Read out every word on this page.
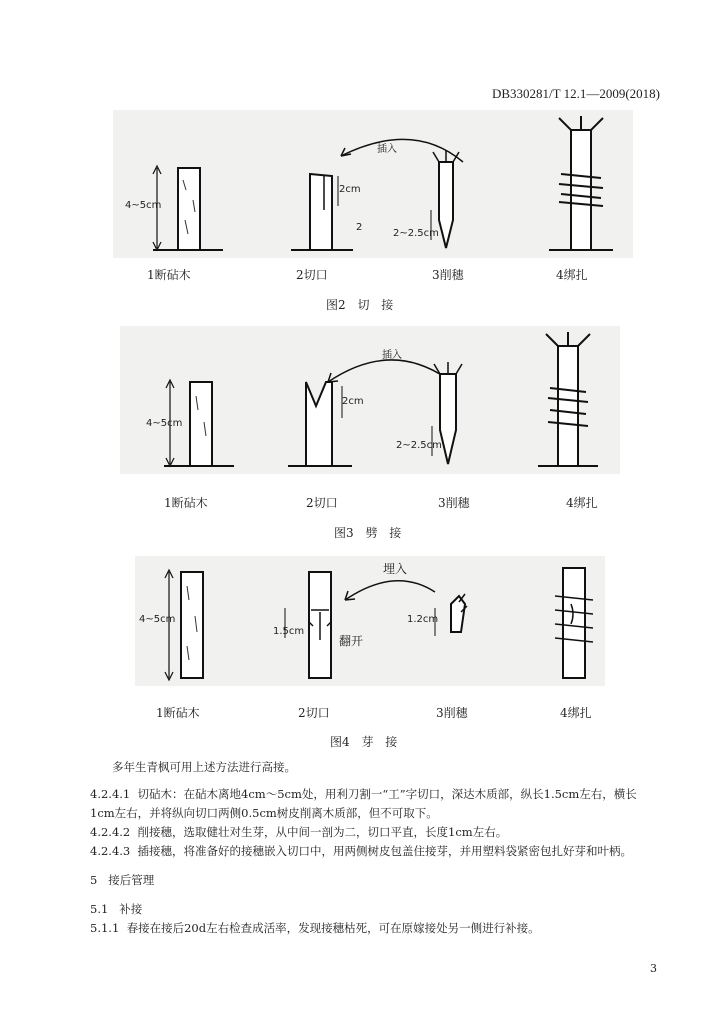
DB330281/T 12.1—2009(2018)
4~5cm
2cm
插入
2~2.5cm
2
1断砧木	2切口	3削穗	4绑扎
图2 切 接
4~5cm
2cm
插入
2~2.5cm
1断砧木	2切口	3削穗	4绑扎
图3 劈 接
4~5cm
1.5cm
翻开
埋入
1.2cm
1断砧木	2切口	3削穗	4绑扎
图4 芽 接

多年生青枫可用上述方法进行高接。

4.2.4.1 切砧木：在砧木离地4cm～5cm处，用利刀割一“工”字切口，深达木质部，纵长1.5cm左右，横长1cm左右，并将纵向切口两侧0.5cm树皮削离木质部，但不可取下。

4.2.4.2 削接穗，选取健壮对生芽，从中间一剖为二，切口平直，长度1cm左右。

4.2.4.3 插接穗，将准备好的接穗嵌入切口中，用两侧树皮包盖住接芽，并用塑料袋紧密包扎好芽和叶柄。

5 接后管理

5.1 补接

5.1.1 春接在接后20d左右检查成活率，发现接穗枯死，可在原嫁接处另一侧进行补接。

3
